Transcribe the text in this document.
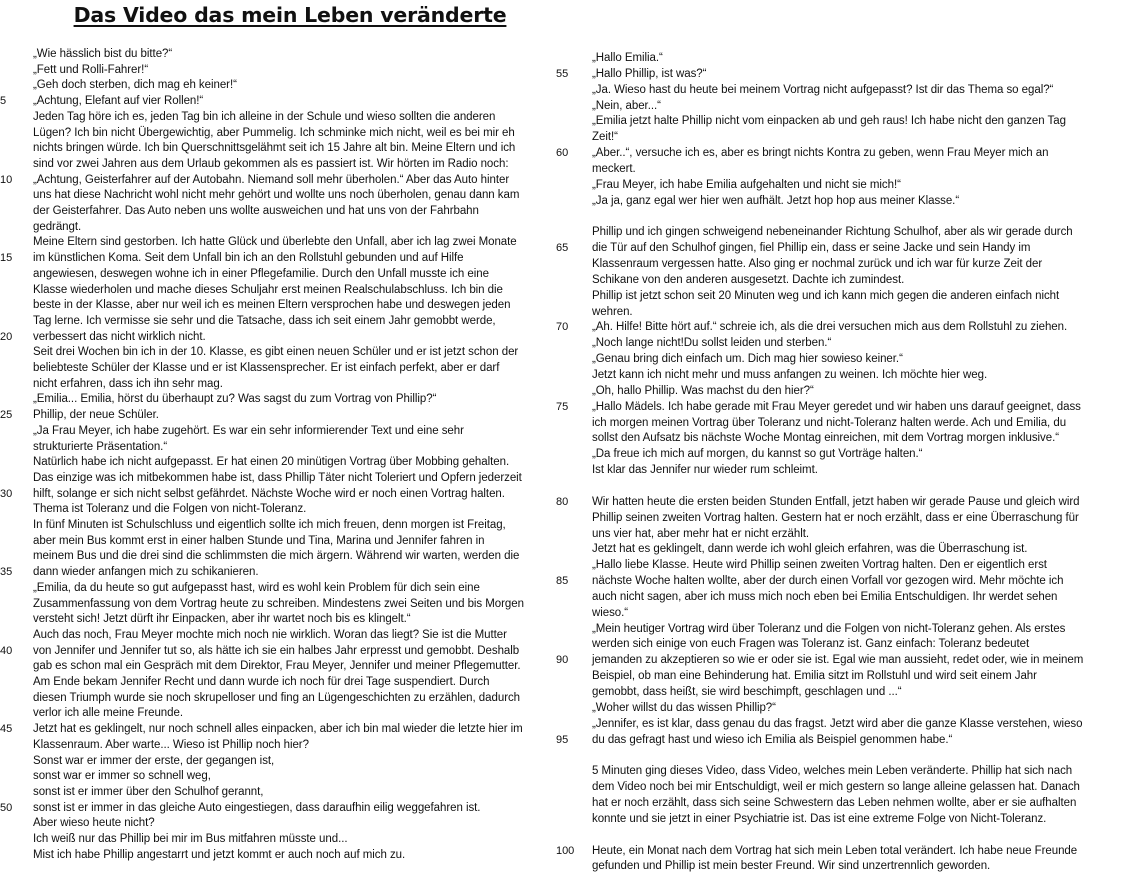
Das Video das mein Leben veränderte
„Wie hässlich bist du bitte?“
„Fett und Rolli-Fahrer!“
„Geh doch sterben, dich mag eh keiner!“
5	„Achtung, Elefant auf vier Rollen!“
Jeden Tag höre ich es, jeden Tag bin ich alleine in der Schule und wieso sollten die anderen
Lügen? Ich bin nicht Übergewichtig, aber Pummelig. Ich schminke mich nicht, weil es bei mir eh
nichts bringen würde. Ich bin Querschnittsgelähmt seit ich 15 Jahre alt bin. Meine Eltern und ich
sind vor zwei Jahren aus dem Urlaub gekommen als es passiert ist. Wir hörten im Radio noch:
10	„Achtung, Geisterfahrer auf der Autobahn. Niemand soll mehr überholen.“ Aber das Auto hinter
uns hat diese Nachricht wohl nicht mehr gehört und wollte uns noch überholen, genau dann kam
der Geisterfahrer. Das Auto neben uns wollte ausweichen und hat uns von der Fahrbahn
gedrängt.
Meine Eltern sind gestorben. Ich hatte Glück und überlebte den Unfall, aber ich lag zwei Monate
15	im künstlichen Koma. Seit dem Unfall bin ich an den Rollstuhl gebunden und auf Hilfe
angewiesen, deswegen wohne ich in einer Pflegefamilie. Durch den Unfall musste ich eine
Klasse wiederholen und mache dieses Schuljahr erst meinen Realschulabschluss. Ich bin die
beste in der Klasse, aber nur weil ich es meinen Eltern versprochen habe und deswegen jeden
Tag lerne. Ich vermisse sie sehr und die Tatsache, dass ich seit einem Jahr gemobbt werde,
20	verbessert das nicht wirklich nicht.
Seit drei Wochen bin ich in der 10. Klasse, es gibt einen neuen Schüler und er ist jetzt schon der
beliebteste Schüler der Klasse und er ist Klassensprecher. Er ist einfach perfekt, aber er darf
nicht erfahren, dass ich ihn sehr mag.
„Emilia... Emilia, hörst du überhaupt zu? Was sagst du zum Vortrag von Phillip?“
25	Phillip, der neue Schüler.
„Ja Frau Meyer, ich habe zugehört. Es war ein sehr informierender Text und eine sehr
strukturierte Präsentation.“
Natürlich habe ich nicht aufgepasst. Er hat einen 20 minütigen Vortrag über Mobbing gehalten.
Das einzige was ich mitbekommen habe ist, dass Phillip Täter nicht Toleriert und Opfern jederzeit
30	hilft, solange er sich nicht selbst gefährdet. Nächste Woche wird er noch einen Vortrag halten.
Thema ist Toleranz und die Folgen von nicht-Toleranz.
In fünf Minuten ist Schulschluss und eigentlich sollte ich mich freuen, denn morgen ist Freitag,
aber mein Bus kommt erst in einer halben Stunde und Tina, Marina und Jennifer fahren in
meinem Bus und die drei sind die schlimmsten die mich ärgern. Während wir warten, werden die
35	dann wieder anfangen mich zu schikanieren.
„Emilia, da du heute so gut aufgepasst hast, wird es wohl kein Problem für dich sein eine
Zusammenfassung von dem Vortrag heute zu schreiben. Mindestens zwei Seiten und bis Morgen
versteht sich! Jetzt dürft ihr Einpacken, aber ihr wartet noch bis es klingelt.“
Auch das noch, Frau Meyer mochte mich noch nie wirklich. Woran das liegt? Sie ist die Mutter
40	von Jennifer und Jennifer tut so, als hätte ich sie ein halbes Jahr erpresst und gemobbt. Deshalb
gab es schon mal ein Gespräch mit dem Direktor, Frau Meyer, Jennifer und meiner Pflegemutter.
Am Ende bekam Jennifer Recht und dann wurde ich noch für drei Tage suspendiert. Durch
diesen Triumph wurde sie noch skrupelloser und fing an Lügengeschichten zu erzählen, dadurch
verlor ich alle meine Freunde.
45	Jetzt hat es geklingelt, nur noch schnell alles einpacken, aber ich bin mal wieder die letzte hier im
Klassenraum. Aber warte... Wieso ist Phillip noch hier?
Sonst war er immer der erste, der gegangen ist,
sonst war er immer so schnell weg,
sonst ist er immer über den Schulhof gerannt,
50	sonst ist er immer in das gleiche Auto eingestiegen, dass daraufhin eilig weggefahren ist.
Aber wieso heute nicht?
Ich weiß nur das Phillip bei mir im Bus mitfahren müsste und...
Mist ich habe Phillip angestarrt und jetzt kommt er auch noch auf mich zu.
„Hallo Emilia.“
55	„Hallo Phillip, ist was?“
„Ja. Wieso hast du heute bei meinem Vortrag nicht aufgepasst? Ist dir das Thema so egal?“
„Nein, aber...“
„Emilia jetzt halte Phillip nicht vom einpacken ab und geh raus! Ich habe nicht den ganzen Tag
Zeit!“
60	„Aber..“, versuche ich es, aber es bringt nichts Kontra zu geben, wenn Frau Meyer mich an
meckert.
„Frau Meyer, ich habe Emilia aufgehalten und nicht sie mich!“
„Ja ja, ganz egal wer hier wen aufhält. Jetzt hop hop aus meiner Klasse.“
Phillip und ich gingen schweigend nebeneinander Richtung Schulhof, aber als wir gerade durch
65	die Tür auf den Schulhof gingen, fiel Phillip ein, dass er seine Jacke und sein Handy im
Klassenraum vergessen hatte. Also ging er nochmal zurück und ich war für kurze Zeit der
Schikane von den anderen ausgesetzt. Dachte ich zumindest.
Phillip ist jetzt schon seit 20 Minuten weg und ich kann mich gegen die anderen einfach nicht
wehren.
70	„Ah. Hilfe! Bitte hört auf.“ schreie ich, als die drei versuchen mich aus dem Rollstuhl zu ziehen.
„Noch lange nicht!Du sollst leiden und sterben.“
„Genau bring dich einfach um. Dich mag hier sowieso keiner.“
Jetzt kann ich nicht mehr und muss anfangen zu weinen. Ich möchte hier weg.
„Oh, hallo Phillip. Was machst du den hier?“
75	„Hallo Mädels. Ich habe gerade mit Frau Meyer geredet und wir haben uns darauf geeignet, dass
ich morgen meinen Vortrag über Toleranz und nicht-Toleranz halten werde. Ach und Emilia, du
sollst den Aufsatz bis nächste Woche Montag einreichen, mit dem Vortrag morgen inklusive.“
„Da freue ich mich auf morgen, du kannst so gut Vorträge halten.“
Ist klar das Jennifer nur wieder rum schleimt.
80	Wir hatten heute die ersten beiden Stunden Entfall, jetzt haben wir gerade Pause und gleich wird
Phillip seinen zweiten Vortrag halten. Gestern hat er noch erzählt, dass er eine Überraschung für
uns vier hat, aber mehr hat er nicht erzählt.
Jetzt hat es geklingelt, dann werde ich wohl gleich erfahren, was die Überraschung ist.
„Hallo liebe Klasse. Heute wird Phillip seinen zweiten Vortrag halten. Den er eigentlich erst
85	nächste Woche halten wollte, aber der durch einen Vorfall vor gezogen wird. Mehr möchte ich
auch nicht sagen, aber ich muss mich noch eben bei Emilia Entschuldigen. Ihr werdet sehen
wieso.“
„Mein heutiger Vortrag wird über Toleranz und die Folgen von nicht-Toleranz gehen. Als erstes
werden sich einige von euch Fragen was Toleranz ist. Ganz einfach: Toleranz bedeutet
90	jemanden zu akzeptieren so wie er oder sie ist. Egal wie man aussieht, redet oder, wie in meinem
Beispiel, ob man eine Behinderung hat. Emilia sitzt im Rollstuhl und wird seit einem Jahr
gemobbt, dass heißt, sie wird beschimpft, geschlagen und ...“
„Woher willst du das wissen Phillip?“
„Jennifer, es ist klar, dass genau du das fragst. Jetzt wird aber die ganze Klasse verstehen, wieso
95	du das gefragt hast und wieso ich Emilia als Beispiel genommen habe.“
5 Minuten ging dieses Video, dass Video, welches mein Leben veränderte. Phillip hat sich nach
dem Video noch bei mir Entschuldigt, weil er mich gestern so lange alleine gelassen hat. Danach
hat er noch erzählt, dass sich seine Schwestern das Leben nehmen wollte, aber er sie aufhalten
konnte und sie jetzt in einer Psychiatrie ist. Das ist eine extreme Folge von Nicht-Toleranz.
100	Heute, ein Monat nach dem Vortrag hat sich mein Leben total verändert. Ich habe neue Freunde
gefunden und Phillip ist mein bester Freund. Wir sind unzertrennlich geworden.
